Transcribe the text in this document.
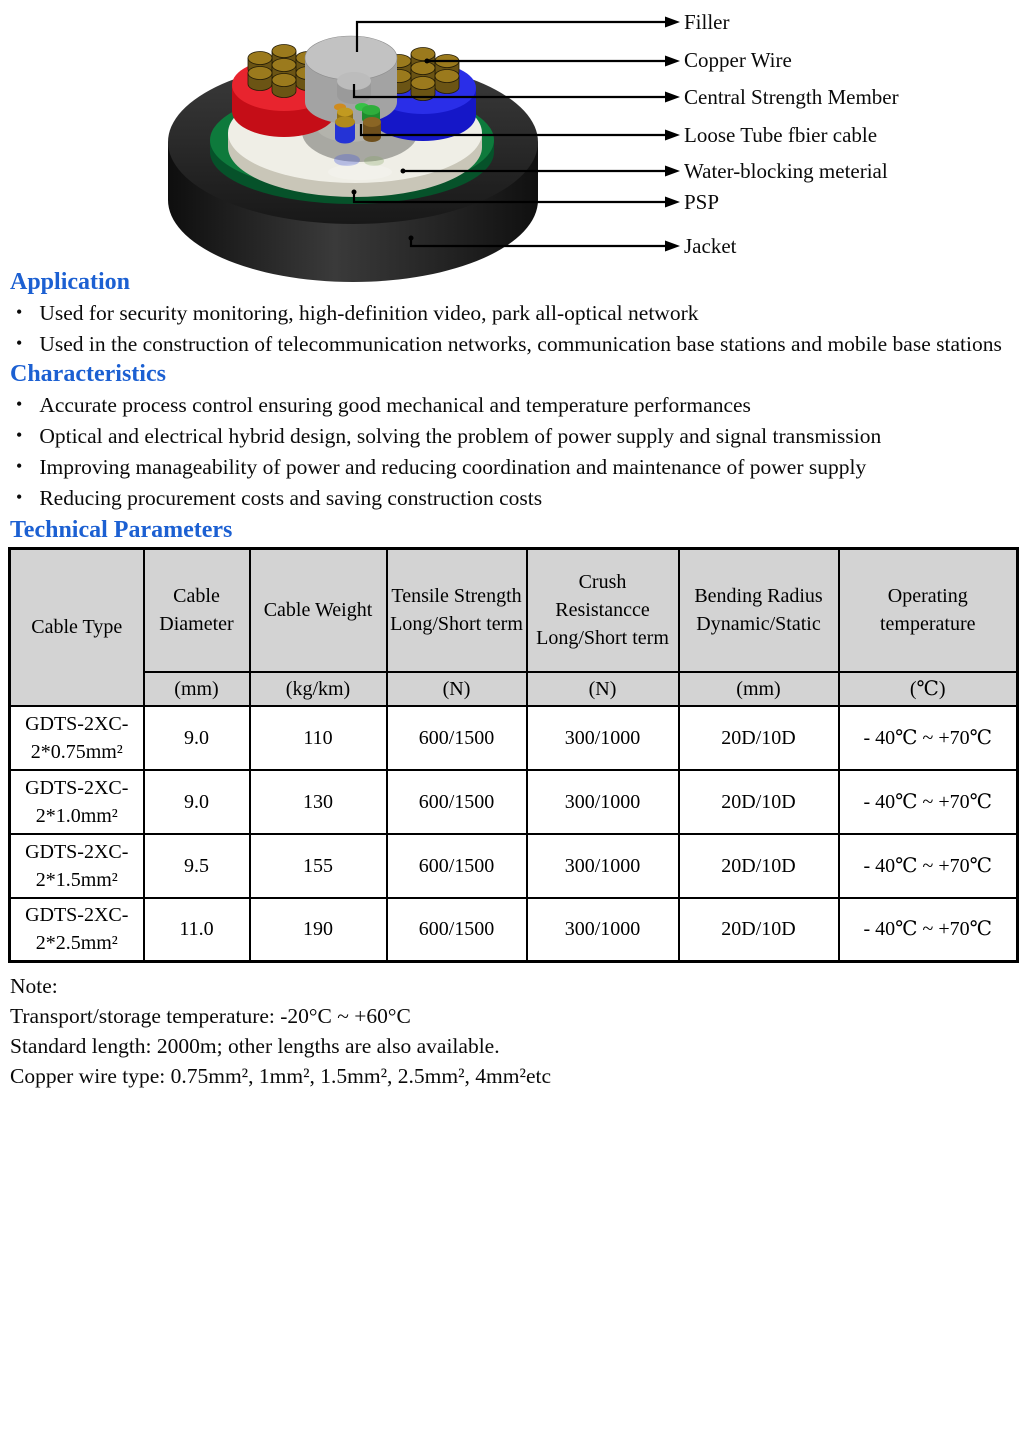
Filler
Copper Wire
Central Strength Member
Loose Tube fbier cable
Water-blocking meterial
PSP
Jacket
Application
• Used for security monitoring, high-definition video, park all-optical network
• Used in the construction of telecommunication networks, communication base stations and mobile base stations
Characteristics
• Accurate process control ensuring good mechanical and temperature performances
• Optical and electrical hybrid design, solving the problem of power supply and signal transmission
• Improving manageability of power and reducing coordination and maintenance of power supply
• Reducing procurement costs and saving construction costs
Technical Parameters
Cable Type	Cable Diameter	Cable Weight	Tensile Strength Long/Short term	Crush Resistancce Long/Short term	Bending Radius Dynamic/Static	Operating temperature
	(mm)	(kg/km)	(N)	(N)	(mm)	(℃)
GDTS-2XC-2*0.75mm²	9.0	110	600/1500	300/1000	20D/10D	- 40℃ ~ +70℃
GDTS-2XC-2*1.0mm²	9.0	130	600/1500	300/1000	20D/10D	- 40℃ ~ +70℃
GDTS-2XC-2*1.5mm²	9.5	155	600/1500	300/1000	20D/10D	- 40℃ ~ +70℃
GDTS-2XC-2*2.5mm²	11.0	190	600/1500	300/1000	20D/10D	- 40℃ ~ +70℃
Note:
Transport/storage temperature: -20°C ~ +60°C
Standard length: 2000m; other lengths are also available.
Copper wire type: 0.75mm², 1mm², 1.5mm², 2.5mm², 4mm²etc
